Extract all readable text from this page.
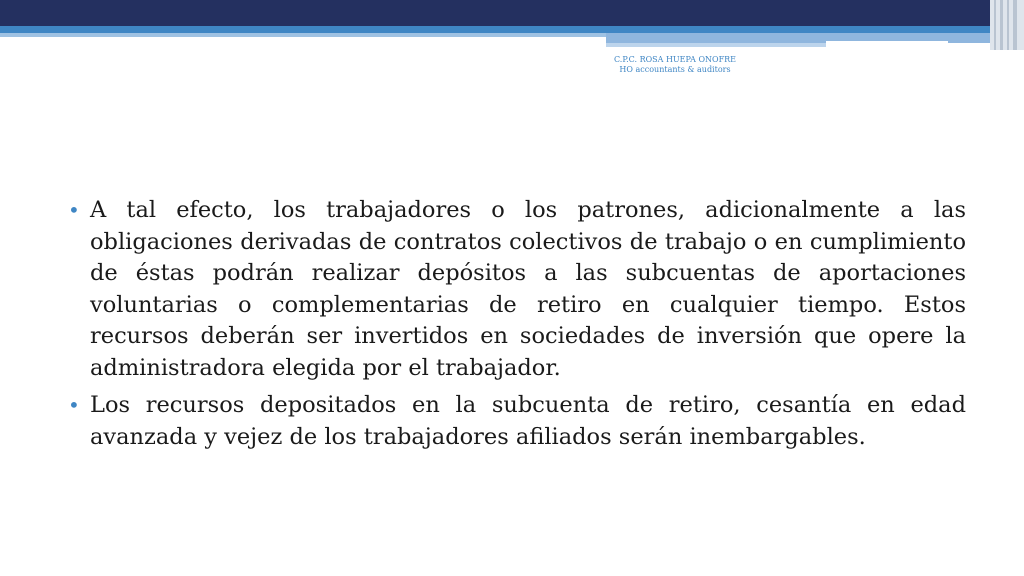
C.P.C. ROSA HUEPA ONOFRE
HO accountants & auditors
• A tal efecto, los trabajadores o los patrones, adicionalmente a las obligaciones derivadas de contratos colectivos de trabajo o en cumplimiento de éstas podrán realizar depósitos a las subcuentas de aportaciones voluntarias o complementarias de retiro en cualquier tiempo. Estos recursos deberán ser invertidos en sociedades de inversión que opere la administradora elegida por el trabajador.
• Los recursos depositados en la subcuenta de retiro, cesantía en edad avanzada y vejez de los trabajadores afiliados serán inembargables.
